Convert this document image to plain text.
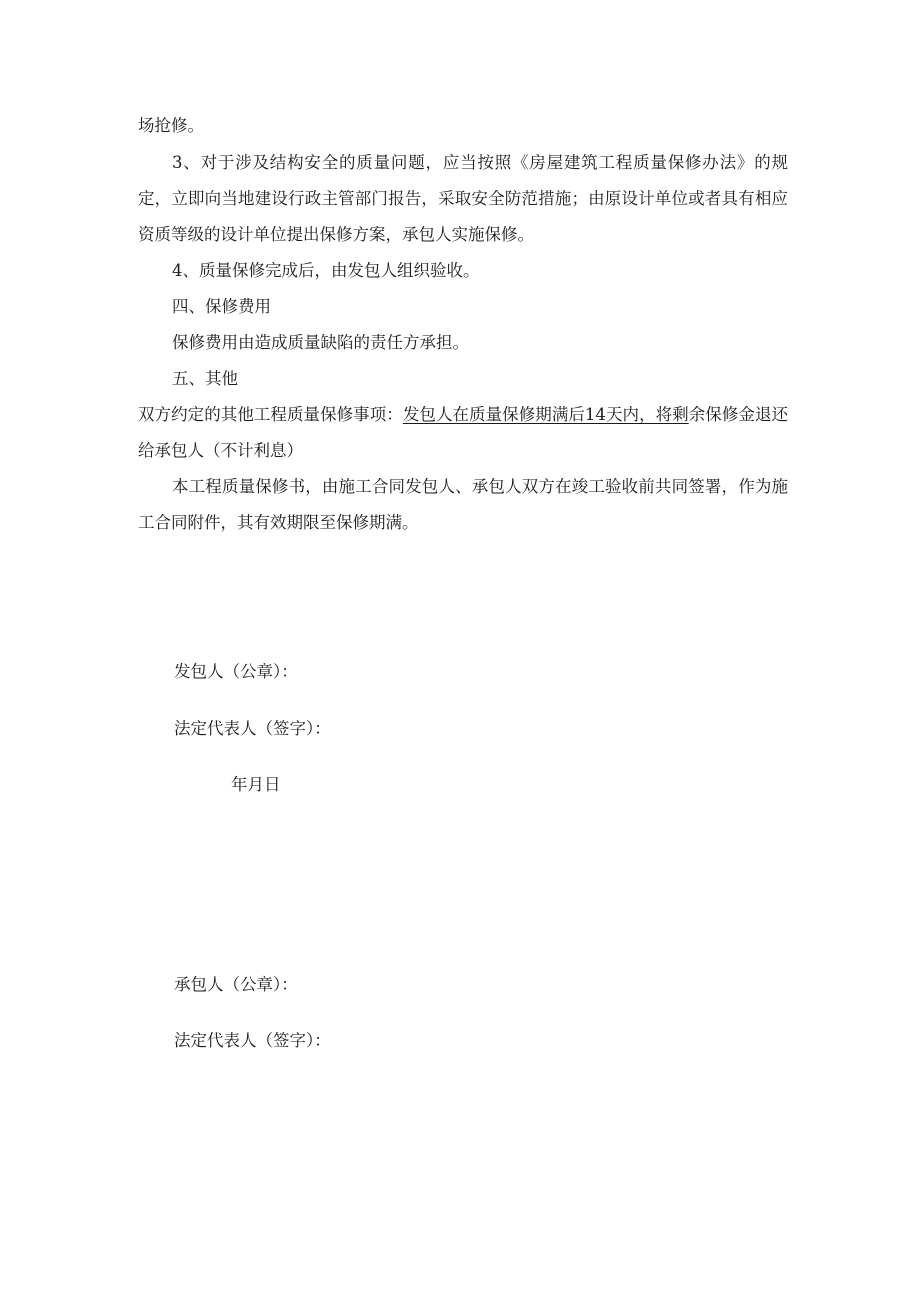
场抢修。

3、对于涉及结构安全的质量问题，应当按照《房屋建筑工程质量保修办法》的规定，立即向当地建设行政主管部门报告，采取安全防范措施；由原设计单位或者具有相应资质等级的设计单位提出保修方案，承包人实施保修。

4、质量保修完成后，由发包人组织验收。

四、保修费用

保修费用由造成质量缺陷的责任方承担。

五、其他

双方约定的其他工程质量保修事项：发包人在质量保修期满后14天内，将剩余保修金退还给承包人（不计利息）

本工程质量保修书，由施工合同发包人、承包人双方在竣工验收前共同签署，作为施工合同附件，其有效期限至保修期满。

发包人（公章）：

法定代表人（签字）：

年月日

承包人（公章）：

法定代表人（签字）：
